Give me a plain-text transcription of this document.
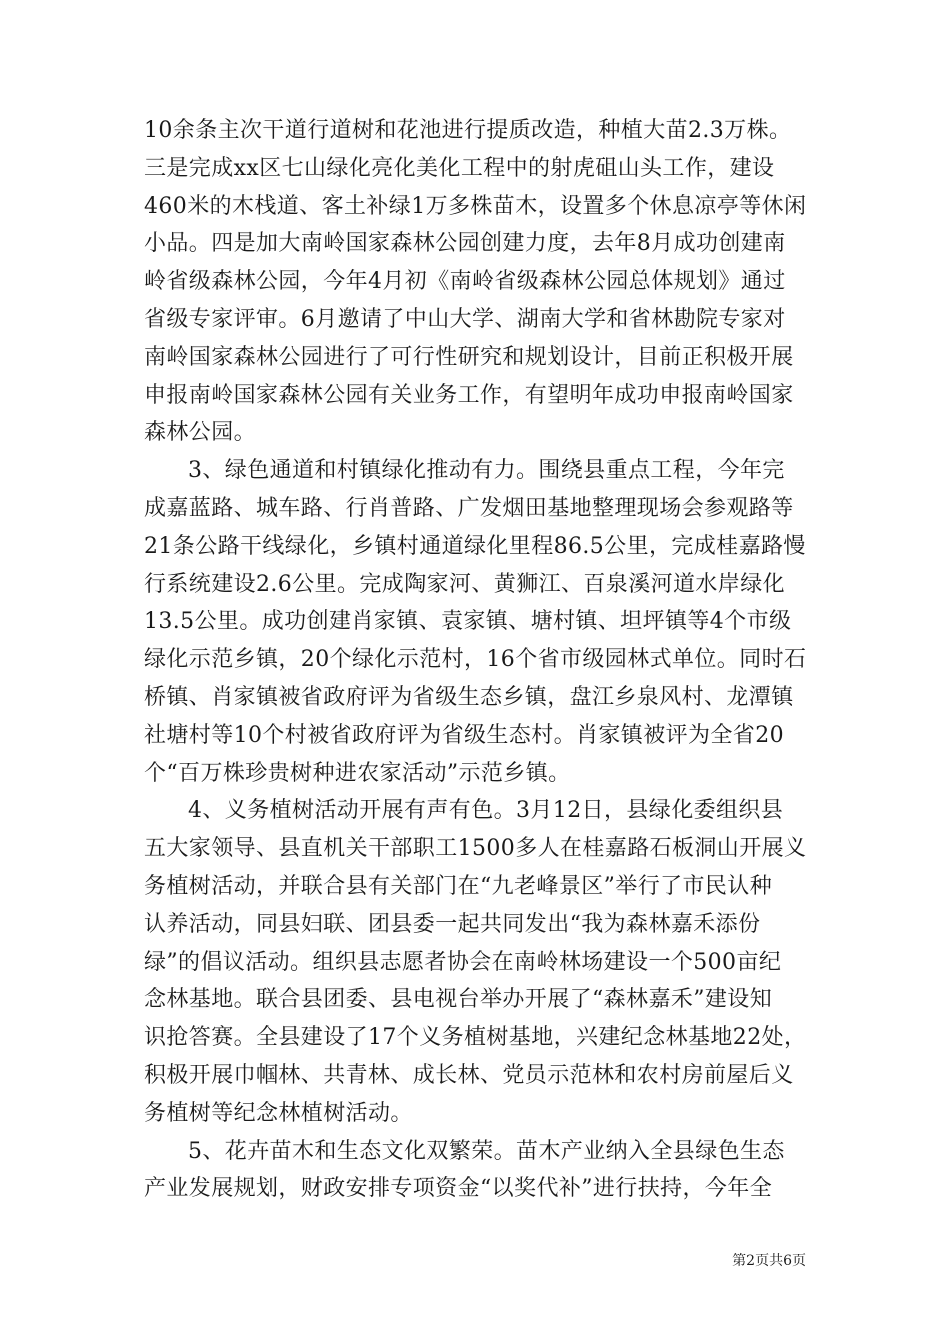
10余条主次干道行道树和花池进行提质改造，种植大苗2.3万株。
三是完成xx区七山绿化亮化美化工程中的射虎砠山头工作，建设
460米的木栈道、客土补绿1万多株苗木，设置多个休息凉亭等休闲
小品。四是加大南岭国家森林公园创建力度，去年8月成功创建南
岭省级森林公园，今年4月初《南岭省级森林公园总体规划》通过
省级专家评审。6月邀请了中山大学、湖南大学和省林勘院专家对
南岭国家森林公园进行了可行性研究和规划设计，目前正积极开展
申报南岭国家森林公园有关业务工作，有望明年成功申报南岭国家
森林公园。
3、绿色通道和村镇绿化推动有力。围绕县重点工程，今年完
成嘉蓝路、城车路、行肖普路、广发烟田基地整理现场会参观路等
21条公路干线绿化，乡镇村通道绿化里程86.5公里，完成桂嘉路慢
行系统建设2.6公里。完成陶家河、黄狮江、百泉溪河道水岸绿化
13.5公里。成功创建肖家镇、袁家镇、塘村镇、坦坪镇等4个市级
绿化示范乡镇，20个绿化示范村，16个省市级园林式单位。同时石
桥镇、肖家镇被省政府评为省级生态乡镇，盘江乡泉风村、龙潭镇
社塘村等10个村被省政府评为省级生态村。肖家镇被评为全省20
个“百万株珍贵树种进农家活动”示范乡镇。
4、义务植树活动开展有声有色。3月12日，县绿化委组织县
五大家领导、县直机关干部职工1500多人在桂嘉路石板洞山开展义
务植树活动，并联合县有关部门在“九老峰景区”举行了市民认种
认养活动，同县妇联、团县委一起共同发出“我为森林嘉禾添份
绿”的倡议活动。组织县志愿者协会在南岭林场建设一个500亩纪
念林基地。联合县团委、县电视台举办开展了“森林嘉禾”建设知
识抢答赛。全县建设了17个义务植树基地，兴建纪念林基地22处，
积极开展巾帼林、共青林、成长林、党员示范林和农村房前屋后义
务植树等纪念林植树活动。
5、花卉苗木和生态文化双繁荣。苗木产业纳入全县绿色生态
产业发展规划，财政安排专项资金“以奖代补”进行扶持，今年全
第2页共6页
